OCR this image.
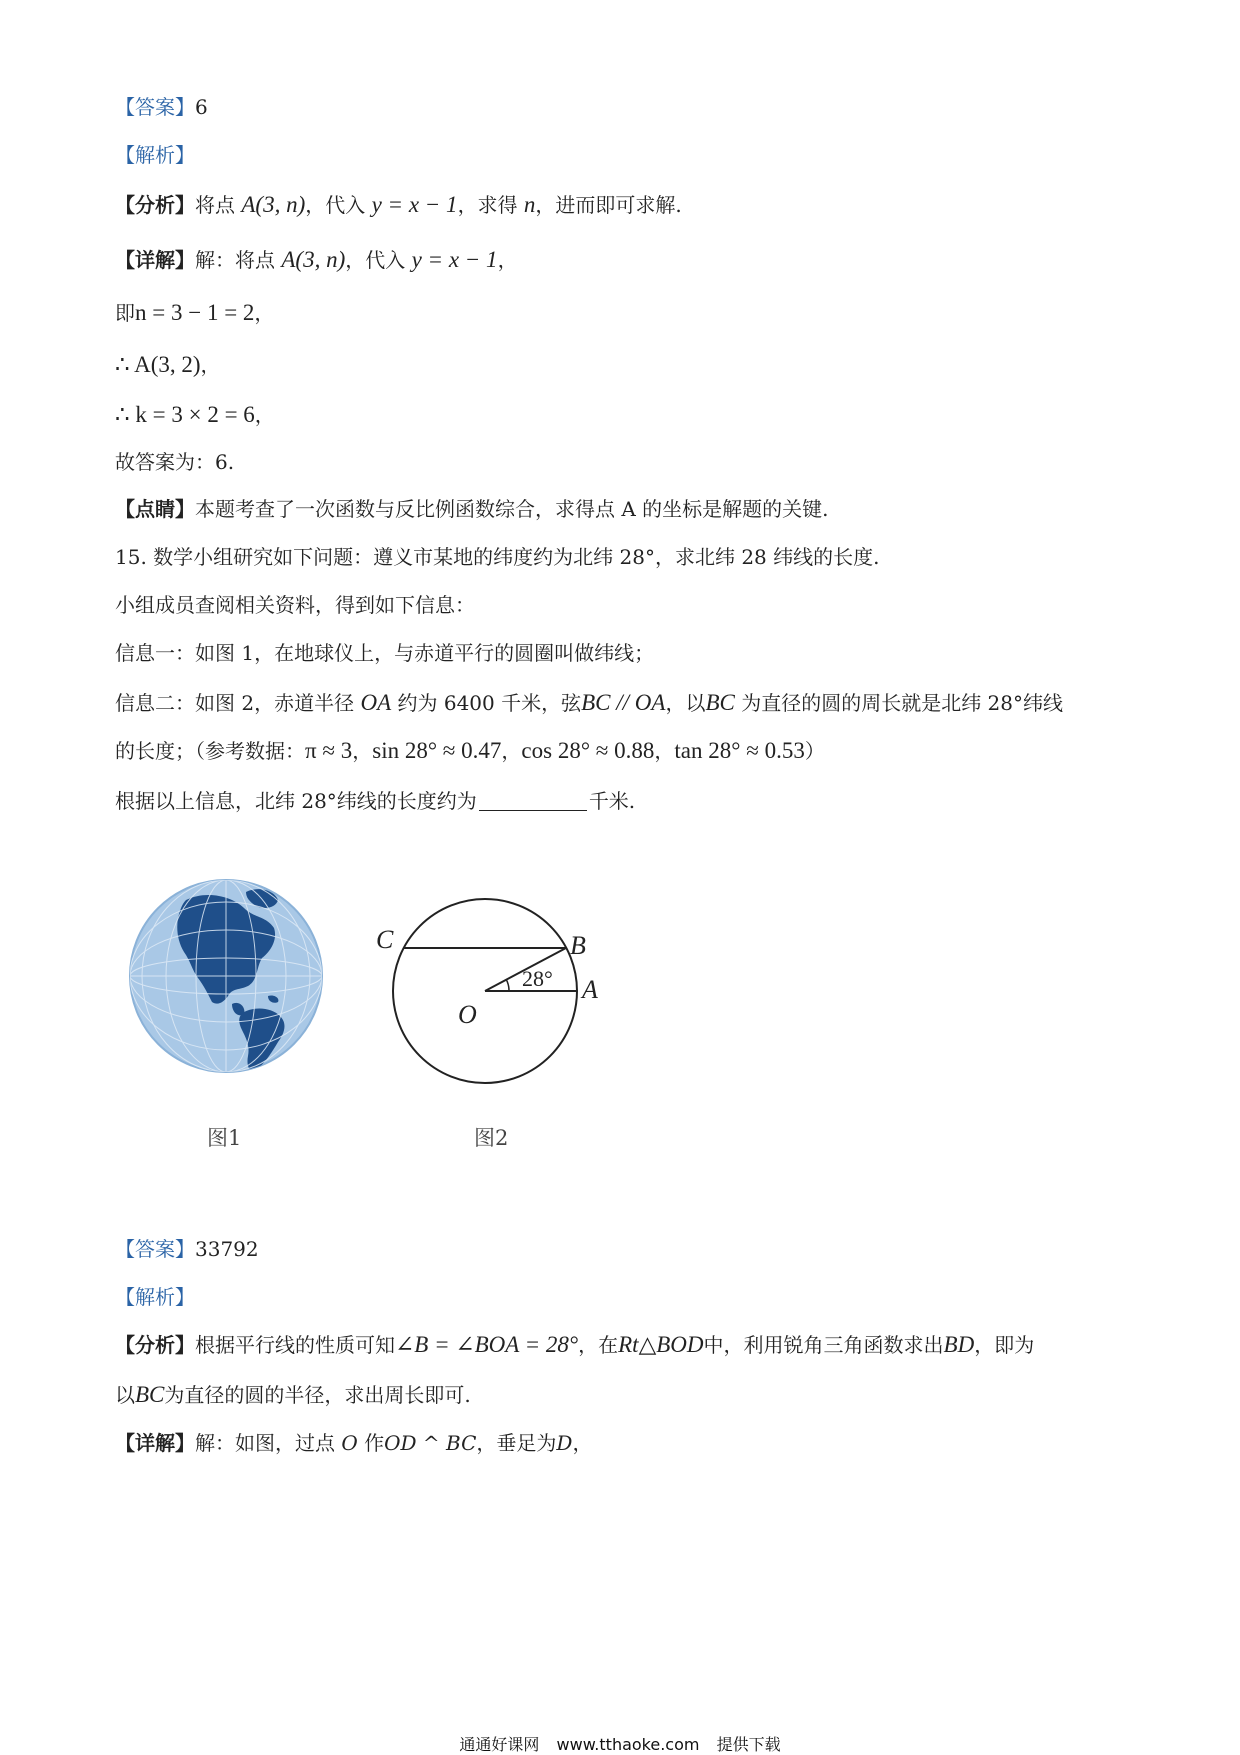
【答案】6
【解析】
【分析】将点 A(3, n)，代入 y = x − 1，求得 n，进而即可求解.
【详解】解：将点 A(3, n)，代入 y = x − 1，
即n = 3 − 1 = 2，
∴ A(3, 2)，
∴ k = 3 × 2 = 6，
故答案为：6.
【点睛】本题考查了一次函数与反比例函数综合，求得点 A 的坐标是解题的关键.
15. 数学小组研究如下问题：遵义市某地的纬度约为北纬 28°，求北纬 28 纬线的长度.
小组成员查阅相关资料，得到如下信息：
信息一：如图 1，在地球仪上，与赤道平行的圆圈叫做纬线；
信息二：如图 2，赤道半径 OA 约为 6400 千米，弦BC // OA，以BC 为直径的圆的周长就是北纬 28°纬线
的长度；（参考数据：π ≈ 3，sin 28° ≈ 0.47，cos 28° ≈ 0.88，tan 28° ≈ 0.53）
根据以上信息，北纬 28°纬线的长度约为	千米.
图1
28°
C	B
A
O
图2
【答案】33792
【解析】
【分析】根据平行线的性质可知∠B = ∠BOA = 28°，在Rt△BOD中，利用锐角三角函数求出BD，即为
以BC为直径的圆的半径，求出周长即可.
【详解】解：如图，过点 O 作OD ^ BC，垂足为D，
通通好课网 www.tthaoke.com 提供下载
